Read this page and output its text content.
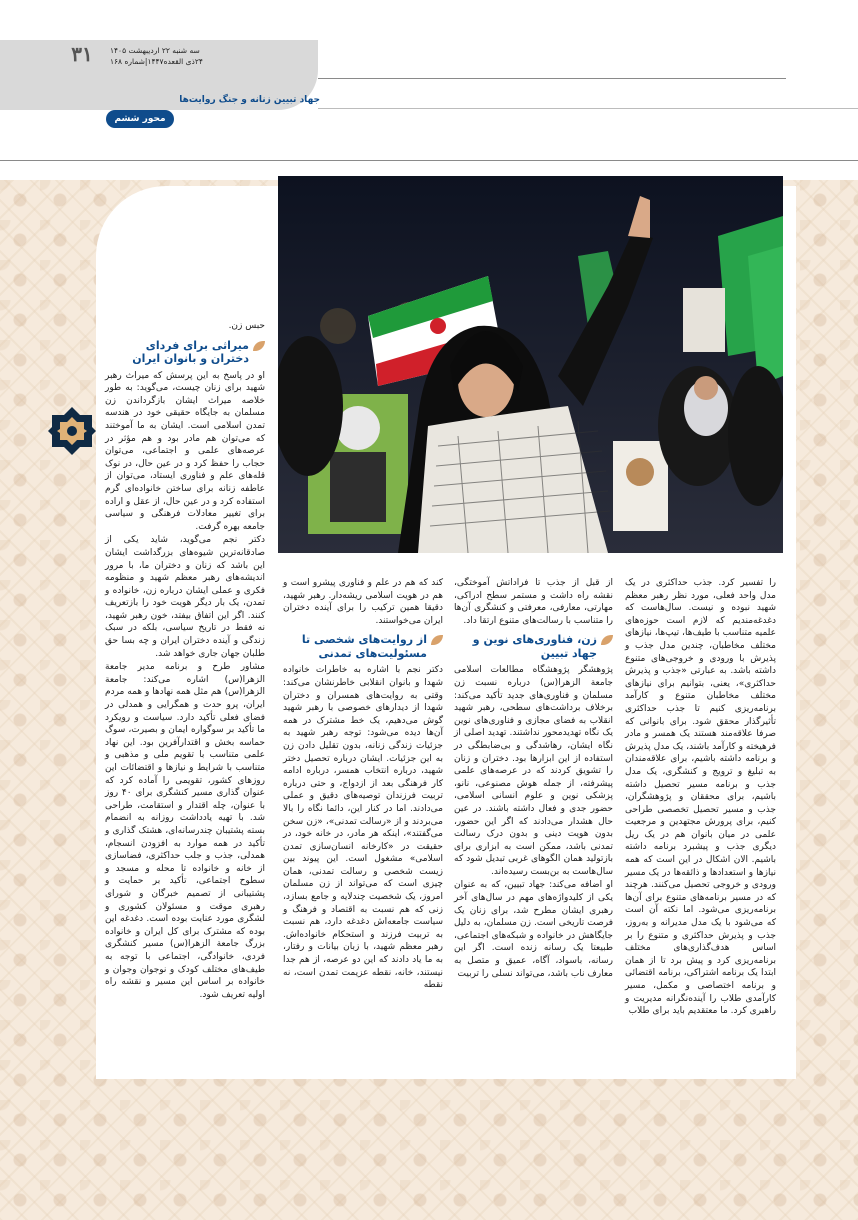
۳۱	سه شنبه ۲۲ اردیبهشت ۱۴۰۵
۲۴ذی القعده۱۴۴۷|شماره ۱۶۸
جهاد تبیین زنانه و جنگ روایت‌ها
محور ششم

را تفسیر کرد. جذب حداکثری در یک مدل واحد فعلی، مورد نظر رهبر معظم شهید نبوده و نیست. سال‌هاست که دغدغه‌مندیم که لازم است حوزه‌های علمیه متناسب با طیف‌ها، تیپ‌ها، نیازهای مختلف مخاطبان، چندین مدل جذب و پذیرش با ورودی و خروجی‌های متنوع داشته باشد. به عبارتی «جذب و پذیرش حداکثری»، یعنی، بتوانیم برای نیازهای مختلف مخاطبان متنوع و کارآمد برنامه‌ریزی کنیم تا جذب حداکثری تأثیرگذار محقق شود. برای بانوانی که صرفا علاقه‌مند هستند یک همسر و مادر فرهیخته و کارآمد باشند، یک مدل پذیرش و برنامه داشته باشیم، برای علاقه‌مندان به تبلیغ و ترویج و کنشگری، یک مدل جذب و برنامه مسیر تحصیل داشته باشیم، برای محققان و پژوهشگران، جذب و مسیر تحصیل تخصصی طراحی کنیم، برای پرورش مجتهدین و مرجعیت علمی در میان بانوان هم در یک ریل دیگری جذب و پیشبرد برنامه داشته باشیم. الان اشکال در این است که همه نیازها و استعدادها و ذائقه‌ها در یک مسیر ورودی و خروجی تحصیل می‌کنند. هرچند که در مسیر برنامه‌های متنوع برای آن‌ها برنامه‌ریزی می‌شود. اما نکته آن است که می‌شود با یک مدل مدیرانه و به‌روز، جذب و پذیرش حداکثری و متنوع را بر اساس هدف‌گذاری‌های مختلف برنامه‌ریزی کرد و پیش برد تا از همان ابتدا یک برنامه اشتراکی، برنامه اقتضائی و برنامه اختصاصی و مکمل، مسیر کارآمدی طلاب را آینده‌نگرانه مدیریت و راهبری کرد. ما معتقدیم باید برای طلاب

از قبل از جذب تا فراداتش آموختگی، نقشه راه داشت و مستمر سطح ادراکی، مهارتی، معارفی، معرفتی و کنشگری آن‌ها را متناسب با رسالت‌های متنوع ارتقا داد.

زن، فناوری‌های نوین و جهاد تبیین

پژوهشگر پژوهشگاه مطالعات اسلامی جامعة الزهرا(س) درباره نسبت زن مسلمان و فناوری‌های جدید تأکید می‌کند: برخلاف برداشت‌های سطحی، رهبر شهید انقلاب به فضای مجازی و فناوری‌های نوین یک نگاه تهدید‌محور نداشتند. تهدید اصلی از نگاه ایشان، رها‌شدگی و بی‌ضابطگی در استفاده از این ابزارها بود. دختران و زنان را تشویق کردند که در عرصه‌های علمی پیشرفته، از جمله هوش مصنوعی، نانو، پزشکی نوین و علوم انسانی اسلامی، حضور جدی و فعال داشته باشند. در عین حال هشدار می‌دادند که اگر این حضور، بدون هویت دینی و بدون درک رسالت تمدنی باشد، ممکن است به ابزاری برای بازتولید همان الگوهای غربی تبدیل شود که سال‌هاست به بن‌بست رسیده‌اند.

او اضافه می‌کند: جهاد تبیین، که به عنوان یکی از کلیدواژه‌های مهم در سال‌های آخر رهبری ایشان مطرح شد، برای زنان یک فرصت تاریخی است. زن مسلمان، به دلیل جایگاهش در خانواده و شبکه‌های اجتماعی، طبیعتا یک رسانه زنده است. اگر این رسانه، باسواد، آگاه، عمیق و متصل به معارف ناب باشد، می‌تواند نسلی را تربیت

کند که هم در علم و فناوری پیشرو است و هم در هویت اسلامی ریشه‌دار. رهبر شهید، دقیقا همین ترکیب را برای آینده دختران ایران می‌خواستند.

از روایت‌های شخصی تا مسئولیت‌های تمدنی

دکتر نجم با اشاره به خاطرات خانواده شهدا و بانوان انقلابی خاطرنشان می‌کند: وقتی به روایت‌های همسران و دختران شهدا از دیدارهای خصوصی با رهبر شهید گوش می‌دهیم، یک خط مشترک در همه آن‌ها دیده می‌شود: توجه رهبر شهید به جزئیات زندگی زنانه، بدون تقلیل دادن زن به این جزئیات. ایشان درباره تحصیل دختر شهید، درباره انتخاب همسر، درباره ادامه کار فرهنگی بعد از ازدواج، و حتی درباره تربیت فرزندان توصیه‌های دقیق و عملی می‌دادند. اما در کنار این، دائما نگاه را بالا می‌بردند و از «رسالت تمدنی»، «زن سخن می‌گفتند»، اینکه هر مادر، در خانه خود، در حقیقت در «کارخانه انسان‌سازی تمدن اسلامی» مشغول است. این پیوند بین زیست شخصی و رسالت تمدنی، همان چیزی است که می‌تواند از زن مسلمان امروز، یک شخصیت چندلایه و جامع بسازد، زنی که هم نسبت به اقتصاد و فرهنگ و سیاست جامعه‌اش دغدغه دارد، هم نسبت به تربیت فرزند و استحکام خانواده‌اش. رهبر معظم شهید، با زبان بیانات و رفتار، به ما یاد دادند که این دو عرصه، از هم جدا نیستند، خانه، نقطه عزیمت تمدن است، نه نقطه

حبس زن.

میراثی برای فردای دختران و بانوان ایران

او در پاسخ به این پرسش که میراث رهبر شهید برای زنان چیست، می‌گوید: به طور خلاصه میراث ایشان بازگرداندن زن مسلمان به جایگاه حقیقی خود در هندسه تمدن اسلامی است. ایشان به ما آموختند که می‌توان هم مادر بود و هم مؤثر در عرصه‌های علمی و اجتماعی، می‌توان حجاب را حفظ کرد و در عین حال، در نوک قله‌های علم و فناوری ایستاد، می‌توان از عاطفه زنانه برای ساختن خانواده‌ای گرم استفاده کرد و در عین حال، از عقل و اراده برای تغییر معادلات فرهنگی و سیاسی جامعه بهره گرفت.

دکتر نجم می‌گوید، شاید یکی از صادقانه‌ترین شیوه‌های بزرگداشت ایشان این باشد که زنان و دختران ما، با مرور اندیشه‌های رهبر معظم شهید و منظومه فکری و عملی ایشان درباره زن، خانواده و تمدن، یک بار دیگر هویت خود را بازتعریف کنند. اگر این اتفاق بیفتد، خون رهبر شهید، نه فقط در تاریخ سیاسی، بلکه در سبک زندگی و آینده دختران ایران و چه بسا حق طلبان جهان جاری خواهد شد.

مشاور طرح و برنامه مدیر جامعة الزهرا(س) اشاره می‌کند: جامعة الزهرا(س) هم مثل همه نهادها و همه مردم ایران، پرو حدت و همگرایی و همدلی در فضای فعلی تأکید دارد. سیاست و رویکرد ما تأکید بر سوگواره ایمان و بصیرت، سوگ حماسه بخش و اقتدارآفرین بود. این نهاد علمی متناسب با تقویم ملی و مذهبی و متناسب با شرایط و نیازها و اقتضائات این روزهای کشور، تقویمی را آماده کرد که عنوان گذاری مسیر کنشگری برای ۴۰ روز با عنوان، چله اقتدار و استقامت، طراحی شد. با تهیه یادداشت روزانه به انضمام بسته پشتیبان چندرسانه‌ای، هشتک گذاری و تأکید در همه موارد به افزودن انسجام، همدلی، جذب و جلب حداکثری، فضاسازی از خانه و خانواده تا محله و مسجد و سطوح اجتماعی، تأکید بر حمایت و پشتیبانی از تصمیم خبرگان و شورای رهبری موقت و مسئولان کشوری و لشگری مورد عنایت بوده است. دغدغه این بوده که مشترک برای کل ایران و خانواده بزرگ جامعة الزهرا(س) مسیر کنشگری فردی، خانوادگی، اجتماعی با توجه به طیف‌های مختلف کودک و نوجوان وجوان و خانواده بر اساس این مسیر و نقشه راه اولیه تعریف شود.
